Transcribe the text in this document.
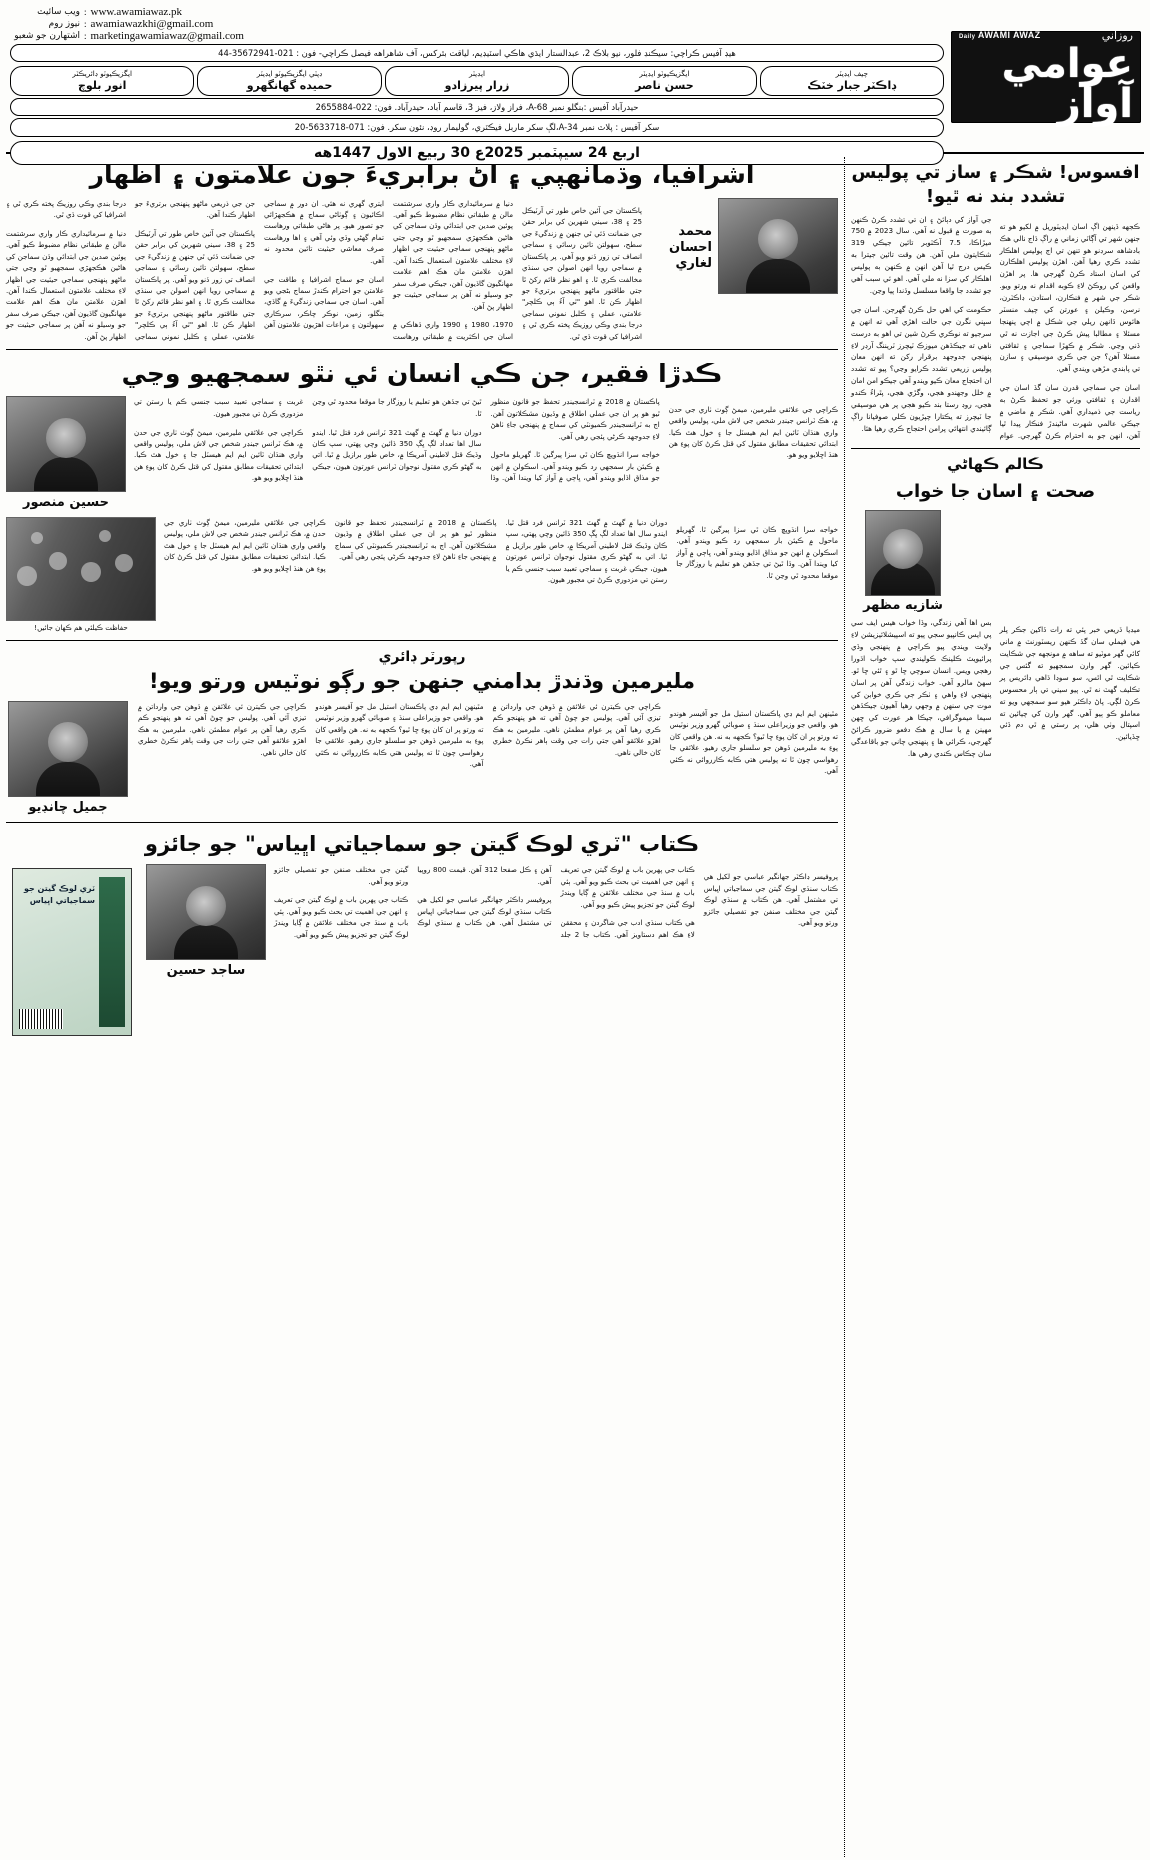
روزاني
Daily AWAMI AWAZ
عوامي آواز
ويب سائيٽ : www.awamiawaz.pk
نيوز روم : awamiawazkhi@gmail.com
اشتهارن جو شعبو : marketingawamiawaz@gmail.com
هيڊ آفيس ڪراچي: سيڪنڊ فلور، نيو بلاڪ 2، عبدالستار ايڌي هاڪي اسٽيڊيم، لياقت بئركس، آف شاهراهه فيصل ڪراچي- فون : 021-35672941-44
چيف ايڊيٽر
ڊاڪٽر جبار خٽڪ
ايگزيڪيوٽو ايڊيٽر
حسن ناصر
ايڊيٽر
زرار پيرزادو
ڊپٽي ايگزيڪيوٽو ايڊيٽر
حميده گهانگهرو
ايگزيڪيوٽو ڊائريڪٽر
انور بلوچ
حيدرآباد آفيس :بنگلو نمبر A-68، فراز ولاز، فيز 3، قاسم آباد، حيدرآباد. فون: 022-2655884
سکر آفيس : پلاٽ نمبر A-34،لڳ سکر ماربل فيڪٽري، گوليمار روڊ، نئون سکر. فون: 071-5633718-20
اربع 24 سيپٽمبر 2025ع 30 ربيع الاول 1447هه
افسوس! شڪر ۽ ساز تي پوليس تشدد بند نه ٿيو!

ڪجهه ڏينهن اڳ اسان ايڊيٽوريل ۾ لکيو هو ته جنهن شهر تي آڳاٽي زماني ۾ راڳ ڌاج نالي هڪ بادشاهه سرڊنو هو تنهن تي اڄ پوليس اهلڪار تشدد ڪري رهيا آهن. اهڙن پوليس اهلڪارن کي اسان استاد ڪرڻ گهرجي ها. پر اهڙن واقعن کي روڪڻ لاءِ ڪوبه اقدام نه ورتو ويو. شڪر جي شهر ۾ فنڪارن، استادن، ڊاڪٽرن، نرسن، وڪيلن ۽ عورتن کي چيف منسٽر هائوس ڏانهن ريلي جي شڪل ۾ اچي پنهنجا مسئلا ۽ مطالبا پيش ڪرڻ جي اجازت نه ٿي ڏني وڃي. شڪر ۾ ڪهڙا سماجي ۽ ثقافتي مسئلا آهن؟ جن جي ڪري موسيقي ۽ سازن تي پابندي مڙهي ويندي آهي.

اسان جي سماجي قدرن سان گڏ اسان جي اقدارن ۽ ثقافتي ورثي جو تحفظ ڪرڻ به رياست جي ذميداري آهي. شڪر ۾ ماضي ۾ جيڪي عالمي شهرت ماڻيندڙ فنڪار پيدا ٿيا آهن، انهن جو به احترام ڪرڻ گهرجي. عوام جي آواز کي دٻائڻ ۽ ان تي تشدد ڪرڻ ڪنهن به صورت ۾ قبول نه آهي. سال 2023 ۾ 750 ميڙاڪا، 7.5 آڪٽوبر تائين جيڪي 319 شڪايتون ملي آهن. هن وقت تائين جيترا به ڪيس درج ٿيا آهن انهن ۾ ڪنهن به پوليس اهلڪار کي سزا نه ملي آهي. اهو ئي سبب آهي جو تشدد جا واقعا مسلسل وڌندا پيا وڃن.

حڪومت کي اهي حل ڪرڻ گهرجن. اسان جي سڀني نگرن جي حالت اهڙي آهي ته انهن ۾ سرجيو ته نوڪري ڪرڻ شين تي اهو به درست ناهي ته جيڪڏهن ميوزڪ ٽيچرز ٽريننگ آرڊر لاءِ پنهنجي جدوجهد برقرار رکن ته انهن معان پوليس زريعي تشدد ڪرايو وڃي؟ پيو ته تشدد ان احتجاج معان ڪيو ويندو آهي جيڪو امن امان ۾ خلل وجهندو هجي، وگڙي هجي، پٿراءُ ڪندو هجي، روڊ رستا بند ڪيو هجي پر هي موسيقي جا ٽيچرز ته يڪتارا چپڙيون ڪلي صوفيانا راڳ ڳائيندي انتهائي پرامن احتجاج ڪري رهيا هئا.

ڪالم ڪهاڻي
صحت ۽ اسان جا خواب
شازيه مظهر

ميڊيا ڌريعي خبر پئي ته رات ڏاکين جڪر پلر هي فيملي سان گڏ ڪنهن ريسٽورنٽ ۾ ماني کائي گهر موٽيو ته ساهه ۾ مونجهه جي شڪايت ڪيائين. گهر وارن سمجهيو ته گئس جي شڪايت ٿي اٿس، سو سوڊا ڌاهي ڊائريس پر تڪليف گهٽ نه ٿي. پيو سيني تي ٻار محسوس ڪرڻ لڳي. پاڻ ڊاڪٽر هيو سو سمجهي ويو ته معاملو ڪو ٻيو آهي. گهر وارن کي چيائين ته اسپتال وٺي هلي، پر رستي ۾ ٿي دم ڏئي ڇڏيائين.

بس اها آهي زندگي، وڏا خواب هيس ايف سي پي ايس ڪانپيو سجي پيو ته اسپيشلائيزيشن لاءِ ولايت ويندي پيو ڪراچي ۾ پنهنجي وڏي پرائيويٽ ڪلينڪ ڪوليندي سپ خواب اڌورا رهجي ويس. انسان سوچي ڇا ٿو ۽ ٿئي ڇا ٿو. سهڻ مالرو آهي. خواب زندگي آهن پر اسان پنهنجي لاءِ واهي ۽ ٺڪر جي ڪري خوابن کي موت جي سنهن ۾ وجهي رهيا آهيون جيڪڏهن سيما ميموگرافي، جيڪا هر عورت کي ڇهن مهينن ۾ يا سال ۾ هڪ دفعو ضرور ڪرائڻ گهرجي، ڪرائي ها ۽ پنهنجي چاني جو باقاعدگي سان چڪاس ڪندي رهي ها.

اشرافيا، وڌماٺهپي ۽ اڻ برابريءَ جون علامتون ۽ اظهار
محمد احسان لغاري

پاڪستان جي آئين خاص طور تي آرٽيڪل 25 ۽ 38، سيني شهرين کي برابر حقن جي ضمانت ڏئي ٿي جنهن ۾ زندگيءَ جي سطح، سهولتن تائين رسائي ۽ سماجي انصاف تي زور ڏنو ويو آهي. پر پاڪستان ۾ سماجي رويا انهن اصولن جي سنڌي مخالفت ڪري ٿا. ۽ اهو نظر قائم رکڻ ٿا جتي طاقتور ماڻهو پنهنجي برتريءَ جو اظهار ڪن ٿا. اهو "ٿي آءُ ٻي ڪلچر" علامتي، عملي ۽ ڪلبل نموني سماجي درجا بندي وڪي روزيڪ پخته ڪري ٿي ۽ اشرافيا کي قوت ڏي ٿي.

دنيا ۾ سرمائيداري ڪار واري سرشتمت مالن ۾ طبقاتي نظام مضبوط ڪيو آهي. پوئين صدين جي ابتدائي وڏن سماجن کي هاڻين هڪجهڙي سمجهيو ٿو وڃي جتي ماڻهو پنهنجي سماجي حيثيت جي اظهار لاءِ مختلف علامتون استعمال ڪندا آهن. اهڙن علامتن مان هڪ اهم علامت مهانگيون گاڏيون آهن، جيڪي صرف سفر جو وسيلو نه آهن پر سماجي حيثيت جو اظهار پڻ آهن.

1970، 1980 ۽ 1990 واري ڏهاڪي ۾ اسان جي اڪثريت ۾ طبقاتي ورهاست ايتري گهري نه هئي. ان دور ۾ سماجي اڪائيون ۽ ڳوٺاڻي سماج ۾ هڪجهڙائي جو تصور هيو. پر هاڻي طبقاتي ورهاست تمام گهڻي وڌي وئي آهي ۽ اها ورهاست صرف معاشي حيثيت تائين محدود نه آهي.

اسان جو سماج اشرافيا ۽ طاقت جي علامتن جو احترام ڪندڙ سماج بڻجي ويو آهي. اسان جي سماجي زندگيءَ ۾ گاڏي، بنگلو، زمين، نوڪر چاڪر، سرڪاري سهولتون ۽ مراعات اهڙيون علامتون آهن جن جي ذريعي ماڻهو پنهنجي برتريءَ جو اظهار ڪندا آهن.

پاڪستان جي آئين خاص طور تي آرٽيڪل 25 ۽ 38، سيني شهرين کي برابر حقن جي ضمانت ڏئي ٿي جنهن ۾ زندگيءَ جي سطح، سهولتن تائين رسائي ۽ سماجي انصاف تي زور ڏنو ويو آهي. پر پاڪستان ۾ سماجي رويا انهن اصولن جي سنڌي مخالفت ڪري ٿا. ۽ اهو نظر قائم رکڻ ٿا جتي طاقتور ماڻهو پنهنجي برتريءَ جو اظهار ڪن ٿا. اهو "ٿي آءُ ٻي ڪلچر" علامتي، عملي ۽ ڪلبل نموني سماجي درجا بندي وڪي روزيڪ پخته ڪري ٿي ۽ اشرافيا کي قوت ڏي ٿي.

دنيا ۾ سرمائيداري ڪار واري سرشتمت مالن ۾ طبقاتي نظام مضبوط ڪيو آهي. پوئين صدين جي ابتدائي وڏن سماجن کي هاڻين هڪجهڙي سمجهيو ٿو وڃي جتي ماڻهو پنهنجي سماجي حيثيت جي اظهار لاءِ مختلف علامتون استعمال ڪندا آهن. اهڙن علامتن مان هڪ اهم علامت مهانگيون گاڏيون آهن، جيڪي صرف سفر جو وسيلو نه آهن پر سماجي حيثيت جو اظهار پڻ آهن.

ڪدڙا فقير، جن ڪي انسان ئي نٿو سمجهيو وڃي

ڪراچي جي علائقي مليرمين، ميمڻ ڳوٺ ٺاري جي حدن ۾، هڪ ٽرانس جينڊر شخص جي لاش ملي، پوليس واقعي واري هنڌان ٽائين ايم ايم هيسٽل جا ۽ خول هٿ ڪيا. ابتدائي تحقيقات مطابق مقتول کي قتل ڪرڻ کان پوءِ هن هنڌ اڇلايو ويو هو.

پاڪستان ۾ 2018 ۾ ٽرانسجينڊر تحفظ جو قانون منظور ٿيو هو پر ان جي عملي اطلاق ۾ وڏيون مشڪلاتون آهن. اڄ به ٽرانسجينڊر ڪميونٽي کي سماج ۾ پنهنجي جاءِ ٺاهڻ لاءِ جدوجهد ڪرڻي پئجي رهي آهي.

خواجه سرا انڌوپڇ ڪان ٿي سزا پيرگين ٿا. گهريلو ماحول ۾ ڪيئن بار سمجهي رد ڪيو ويندو آهي. اسڪولن ۾ انهن جو مذاق اڏايو ويندو آهي، ڀاڄي ۾ آواز کيا ويندا آهن. وڏا ٿيڻ تي جڏهن هو تعليم يا روزگار جا موقعا محدود ٿي وڃن ٿا.

دوران دنيا ۾ گهٽ ۾ گهٽ 321 ٽرانس فرد قتل ٿيا. ايندو سال اها تعداد لڳ ڀڳ 350 ڏائين وچي پهتي، سپ ڪان وڌيڪ قتل لاطيني آمريڪا ۾، خاص طور برازيل ۾ ٿيا. اتي به گهڻو ڪري مقتول نوجوان ٽرانس عورتون هيون، جيڪي غربت ۽ سماجي تعبيد سبب جنسي ڪم يا رستن تي مزدوري ڪرڻ تي مجبور هيون.

ڪراچي جي علائقي مليرمين، ميمڻ ڳوٺ ٺاري جي حدن ۾، هڪ ٽرانس جينڊر شخص جي لاش ملي، پوليس واقعي واري هنڌان ٽائين ايم ايم هيسٽل جا ۽ خول هٿ ڪيا. ابتدائي تحقيقات مطابق مقتول کي قتل ڪرڻ کان پوءِ هن هنڌ اڇلايو ويو هو.

حسين منصور

خواجه سرا انڌوپڇ ڪان ٿي سزا پيرگين ٿا. گهريلو ماحول ۾ ڪيئن بار سمجهي رد ڪيو ويندو آهي. اسڪولن ۾ انهن جو مذاق اڏايو ويندو آهي، ڀاڄي ۾ آواز کيا ويندا آهن. وڏا ٿيڻ تي جڏهن هو تعليم يا روزگار جا موقعا محدود ٿي وڃن ٿا.

دوران دنيا ۾ گهٽ ۾ گهٽ 321 ٽرانس فرد قتل ٿيا. ايندو سال اها تعداد لڳ ڀڳ 350 ڏائين وچي پهتي، سپ ڪان وڌيڪ قتل لاطيني آمريڪا ۾، خاص طور برازيل ۾ ٿيا. اتي به گهڻو ڪري مقتول نوجوان ٽرانس عورتون هيون، جيڪي غربت ۽ سماجي تعبيد سبب جنسي ڪم يا رستن تي مزدوري ڪرڻ تي مجبور هيون.

پاڪستان ۾ 2018 ۾ ٽرانسجينڊر تحفظ جو قانون منظور ٿيو هو پر ان جي عملي اطلاق ۾ وڏيون مشڪلاتون آهن. اڄ به ٽرانسجينڊر ڪميونٽي کي سماج ۾ پنهنجي جاءِ ٺاهڻ لاءِ جدوجهد ڪرڻي پئجي رهي آهي.

ڪراچي جي علائقي مليرمين، ميمڻ ڳوٺ ٺاري جي حدن ۾، هڪ ٽرانس جينڊر شخص جي لاش ملي، پوليس واقعي واري هنڌان ٽائين ايم ايم هيسٽل جا ۽ خول هٿ ڪيا. ابتدائي تحقيقات مطابق مقتول کي قتل ڪرڻ کان پوءِ هن هنڌ اڇلايو ويو هو.

حفاظت ڪيلئي هم ڪهان جائيں!
رپورٽر ڊائري
مليرمين وڌندڙ بدامني جنهن جو رڳو نوٽيس ورتو ويو!

مٿينهن ايم ايم ڊي پاڪستان استيل مل جو آفيسر هوندو هو. واقعي جو وزيراعلى سنڌ ۽ صوبائي گهرو وزير نوٽيس ته ورتو پر ان کان پوءِ ڇا ٿيو؟ ڪجهه به نه. هن واقعي کان پوءِ به مليرمين ڏوهن جو سلسلو جاري رهيو. علائقي جا رهواسي چون ٿا ته پوليس هتي ڪابه ڪارروائي نه ڪئي آهي.

ڪراچي جي ڪيترن ئي علائقن ۾ ڏوهن جي وارداتن ۾ تيزي آئي آهي. پوليس جو چوڻ آهي ته هو پنهنجو ڪم ڪري رهيا آهن پر عوام مطمئن ناهي. مليرمين به هڪ اهڙو علائقو آهي جتي رات جي وقت ٻاهر نڪرڻ خطري کان خالي ناهي.

مٿينهن ايم ايم ڊي پاڪستان استيل مل جو آفيسر هوندو هو. واقعي جو وزيراعلى سنڌ ۽ صوبائي گهرو وزير نوٽيس ته ورتو پر ان کان پوءِ ڇا ٿيو؟ ڪجهه به نه. هن واقعي کان پوءِ به مليرمين ڏوهن جو سلسلو جاري رهيو. علائقي جا رهواسي چون ٿا ته پوليس هتي ڪابه ڪارروائي نه ڪئي آهي.

ڪراچي جي ڪيترن ئي علائقن ۾ ڏوهن جي وارداتن ۾ تيزي آئي آهي. پوليس جو چوڻ آهي ته هو پنهنجو ڪم ڪري رهيا آهن پر عوام مطمئن ناهي. مليرمين به هڪ اهڙو علائقو آهي جتي رات جي وقت ٻاهر نڪرڻ خطري کان خالي ناهي.

جميل چانڊيو
ڪتاب "ٽري لوڪ گيتن جو سماجياتي اڀياس" جو جائزو

پروفيسر ڊاڪٽر جهانگير عباسي جو لکيل هي ڪتاب سنڌي لوڪ گيتن جي سماجياتي اڀياس تي مشتمل آهي. هن ڪتاب ۾ سنڌي لوڪ گيتن جي مختلف صنفن جو تفصيلي جائزو ورتو ويو آهي.

ڪتاب جي پهرين باب ۾ لوڪ گيتن جي تعريف ۽ انهن جي اهميت تي بحث ڪيو ويو آهي. ٻئي باب ۾ سنڌ جي مختلف علائقن ۾ ڳايا ويندڙ لوڪ گيتن جو تجزيو پيش ڪيو ويو آهي.

هي ڪتاب سنڌي ادب جي شاگردن ۽ محققن لاءِ هڪ اهم دستاويز آهي. ڪتاب جا 2 جلد آهن ۽ ڪل صفحا 312 آهن. قيمت 800 روپيا آهي.

پروفيسر ڊاڪٽر جهانگير عباسي جو لکيل هي ڪتاب سنڌي لوڪ گيتن جي سماجياتي اڀياس تي مشتمل آهي. هن ڪتاب ۾ سنڌي لوڪ گيتن جي مختلف صنفن جو تفصيلي جائزو ورتو ويو آهي.

ڪتاب جي پهرين باب ۾ لوڪ گيتن جي تعريف ۽ انهن جي اهميت تي بحث ڪيو ويو آهي. ٻئي باب ۾ سنڌ جي مختلف علائقن ۾ ڳايا ويندڙ لوڪ گيتن جو تجزيو پيش ڪيو ويو آهي.

ساجد حسين
ٽري لوڪ گيتن جو سماجياتي اڀياس
